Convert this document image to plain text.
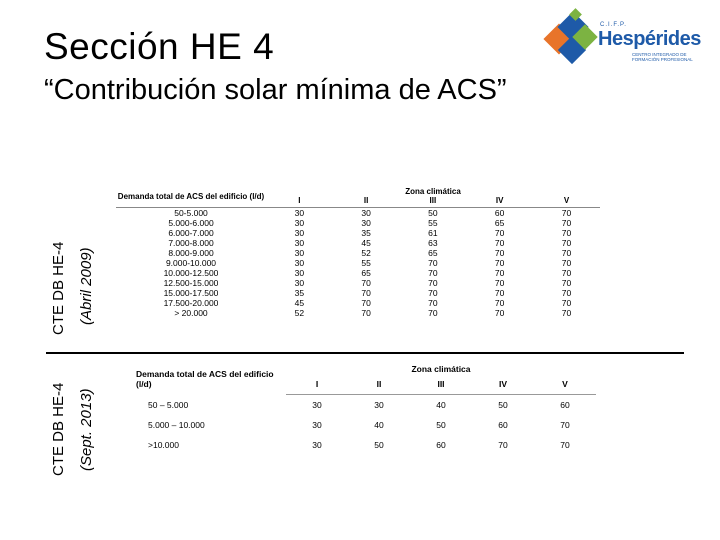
Sección HE 4
“Contribución solar mínima de ACS”
C.I.F.P.
Hespérides
CENTRO INTEGRADO DE FORMACIÓN PROFESIONAL
CTE DB HE-4 (Abril 2009)
CTE DB HE-4 (Sept. 2013)
Demanda total de ACS del edificio (l/d)	Zona climática				
	I	II	III	IV	V

50-5.000	30	30	50	60	70
5.000-6.000	30	30	55	65	70
6.000-7.000	30	35	61	70	70
7.000-8.000	30	45	63	70	70
8.000-9.000	30	52	65	70	70
9.000-10.000	30	55	70	70	70
10.000-12.500	30	65	70	70	70
12.500-15.000	30	70	70	70	70
15.000-17.500	35	70	70	70	70
17.500-20.000	45	70	70	70	70
> 20.000	52	70	70	70	70
Demanda total de ACS del edificio (l/d)	Zona climática				
	I	II	III	IV	V
50 – 5.000	30	30	40	50	60
5.000 – 10.000	30	40	50	60	70
>10.000	30	50	60	70	70
